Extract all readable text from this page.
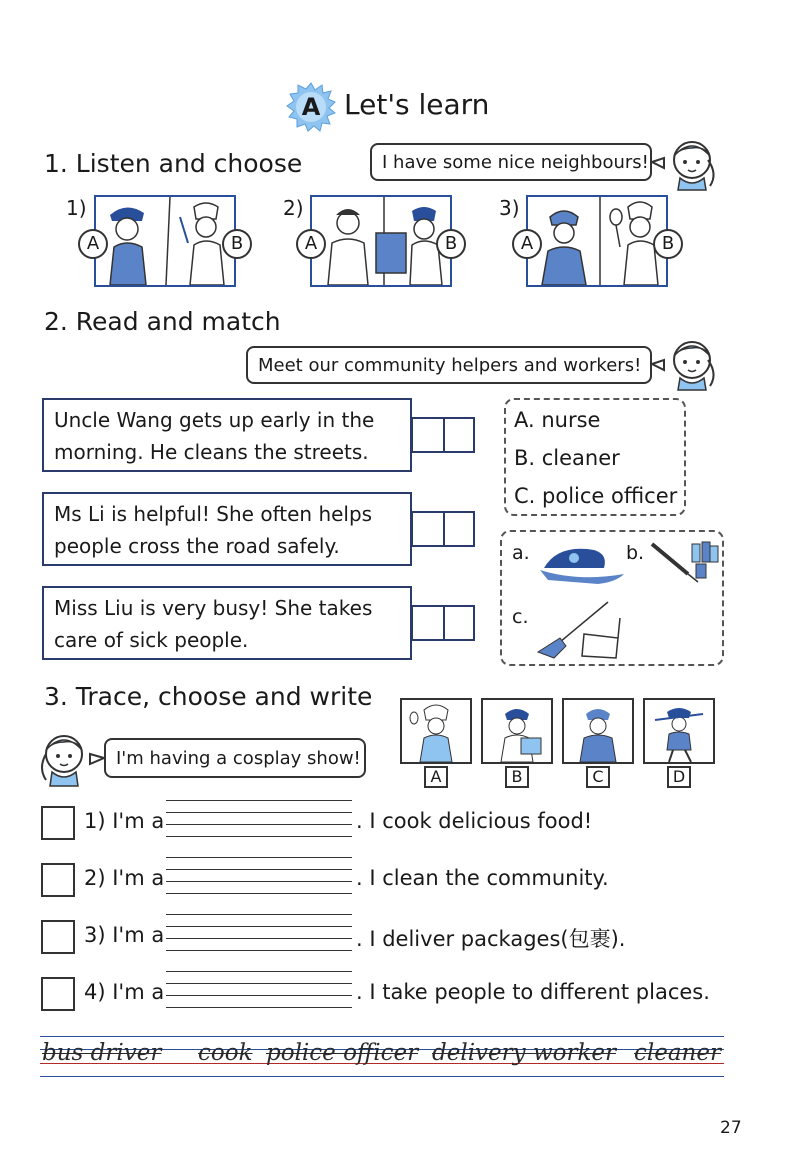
A Let's learn
1. Listen and choose	I have some nice neighbours!
1)
A	B
2)
A	B
3)
A	B
2. Read and match
Meet our community helpers and workers!
Uncle Wang gets up early in the
morning. He cleans the streets.
Ms Li is helpful! She often helps
people cross the road safely.
Miss Liu is very busy! She takes
care of sick people.
A. nurse
B. cleaner
C. police officer
a.	b.
c.
3. Trace, choose and write
I'm having a cosplay show!
A	B	C	D
1) I'm a	. I cook delicious food!
2) I'm a	. I clean the community.
3) I'm a	. I deliver packages(包裹).
4) I'm a	. I take people to different places.
bus driver cook police officer delivery worker cleaner
27
